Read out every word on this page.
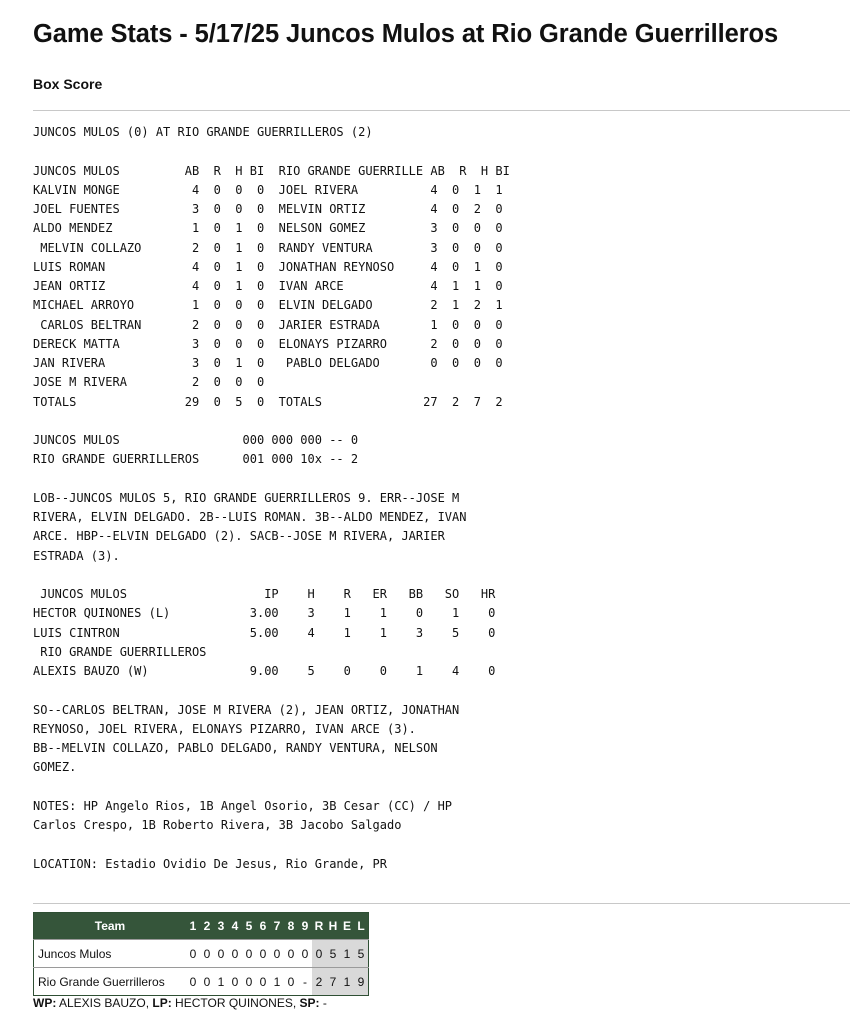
Game Stats - 5/17/25 Juncos Mulos at Rio Grande Guerrilleros
Box Score
JUNCOS MULOS (0) AT RIO GRANDE GUERRILLEROS (2)
JUNCOS MULOS         AB  R  H BI  RIO GRANDE GUERRILLE AB  R  H BI
KALVIN MONGE          4  0  0  0  JOEL RIVERA          4  0  1  1
JOEL FUENTES          3  0  0  0  MELVIN ORTIZ         4  0  2  0
ALDO MENDEZ           1  0  1  0  NELSON GOMEZ         3  0  0  0
MELVIN COLLAZO       2  0  1  0  RANDY VENTURA        3  0  0  0
LUIS ROMAN            4  0  1  0  JONATHAN REYNOSO     4  0  1  0
JEAN ORTIZ            4  0  1  0  IVAN ARCE            4  1  1  0
MICHAEL ARROYO        1  0  0  0  ELVIN DELGADO        2  1  2  1
CARLOS BELTRAN       2  0  0  0  JARIER ESTRADA       1  0  0  0
DERECK MATTA          3  0  0  0  ELONAYS PIZARRO      2  0  0  0
JAN RIVERA            3  0  1  0   PABLO DELGADO       0  0  0  0
JOSE M RIVERA         2  0  0  0
TOTALS               29  0  5  0  TOTALS              27  2  7  2
JUNCOS MULOS                 000 000 000 -- 0
RIO GRANDE GUERRILLEROS      001 000 10x -- 2
LOB--JUNCOS MULOS 5, RIO GRANDE GUERRILLEROS 9. ERR--JOSE M
RIVERA, ELVIN DELGADO. 2B--LUIS ROMAN. 3B--ALDO MENDEZ, IVAN
ARCE. HBP--ELVIN DELGADO (2). SACB--JOSE M RIVERA, JARIER
ESTRADA (3).
JUNCOS MULOS                   IP    H    R   ER   BB   SO   HR
HECTOR QUINONES (L)           3.00    3    1    1    0    1    0
LUIS CINTRON                  5.00    4    1    1    3    5    0
RIO GRANDE GUERRILLEROS
ALEXIS BAUZO (W)              9.00    5    0    0    1    4    0
SO--CARLOS BELTRAN, JOSE M RIVERA (2), JEAN ORTIZ, JONATHAN
REYNOSO, JOEL RIVERA, ELONAYS PIZARRO, IVAN ARCE (3).
BB--MELVIN COLLAZO, PABLO DELGADO, RANDY VENTURA, NELSON
GOMEZ.
NOTES: HP Angelo Rios, 1B Angel Osorio, 3B Cesar (CC) / HP
Carlos Crespo, 1B Roberto Rivera, 3B Jacobo Salgado
LOCATION: Estadio Ovidio De Jesus, Rio Grande, PR
Team	1	2	3	4	5	6	7	8	9	R	H	E	L
Juncos Mulos	0	0	0	0	0	0	0	0	0	0	5	1	5
Rio Grande Guerrilleros	0	0	1	0	0	0	1	0	-	2	7	1	9
WP: ALEXIS BAUZO, LP: HECTOR QUINONES, SP: -
